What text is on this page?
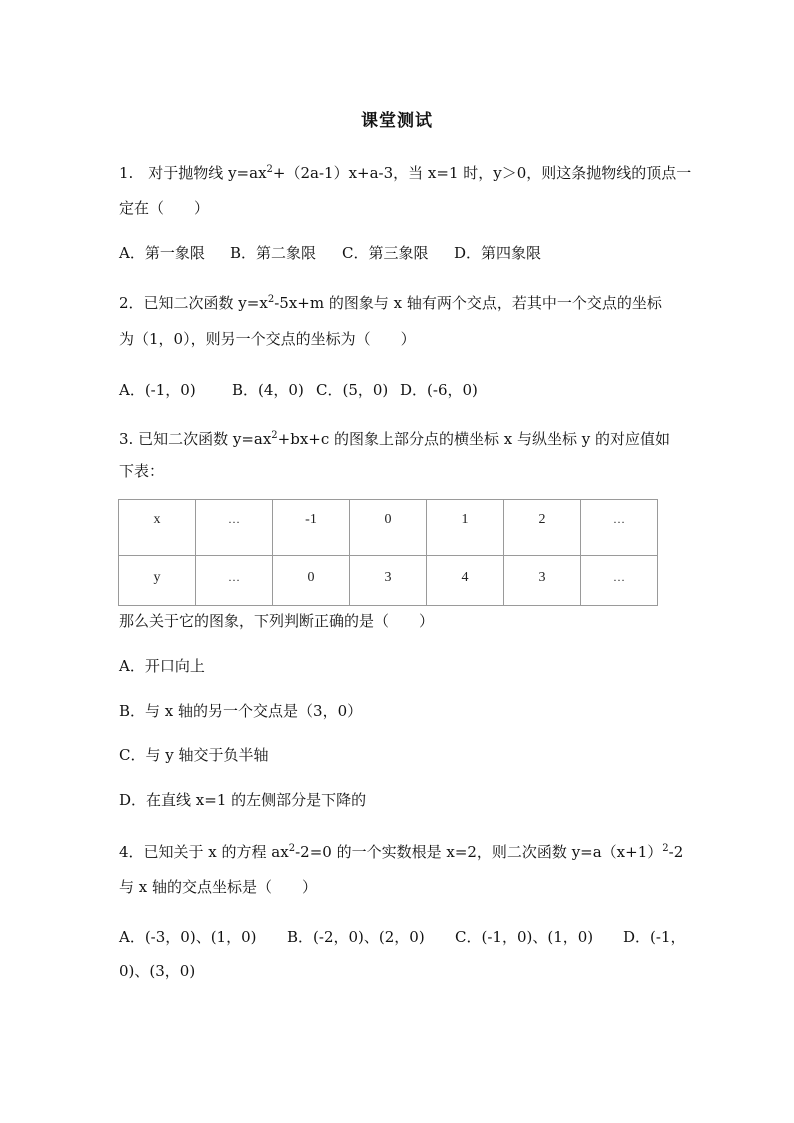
课堂测试
1.　对于抛物线 $y=ax^2+(2a-1)x+a-3$，当 x=1 时，y＞0，则这条抛物线的顶点一
定在（　　）
A．第一象限 B．第二象限 C．第三象限 D．第四象限
2．已知二次函数 $y=x^2-5x+m$ 的图象与 x 轴有两个交点，若其中一个交点的坐标
为（1，0），则另一个交点的坐标为（　　）
A．(-1，0) B．(4，0) C．(5，0) D．(-6，0)
3. 已知二次函数 $y=ax^2+bx+c$ 的图象上部分点的横坐标 x 与纵坐标 y 的对应值如
下表：
x	…	-1	0	1	2	…
y	…	0	3	4	3	…
那么关于它的图象，下列判断正确的是（　　）
A．开口向上
B．与 x 轴的另一个交点是（3，0）
C．与 y 轴交于负半轴
D．在直线 x=1 的左侧部分是下降的
4．已知关于 x 的方程 $ax^2-2=0$ 的一个实数根是 x=2，则二次函数 $y=a(x+1)^2-2$
与 x 轴的交点坐标是（　　）
A．(-3，0)、(1，0) B．(-2，0)、(2，0) C．(-1，0)、(1，0) D．(-1，
0)、(3，0)
